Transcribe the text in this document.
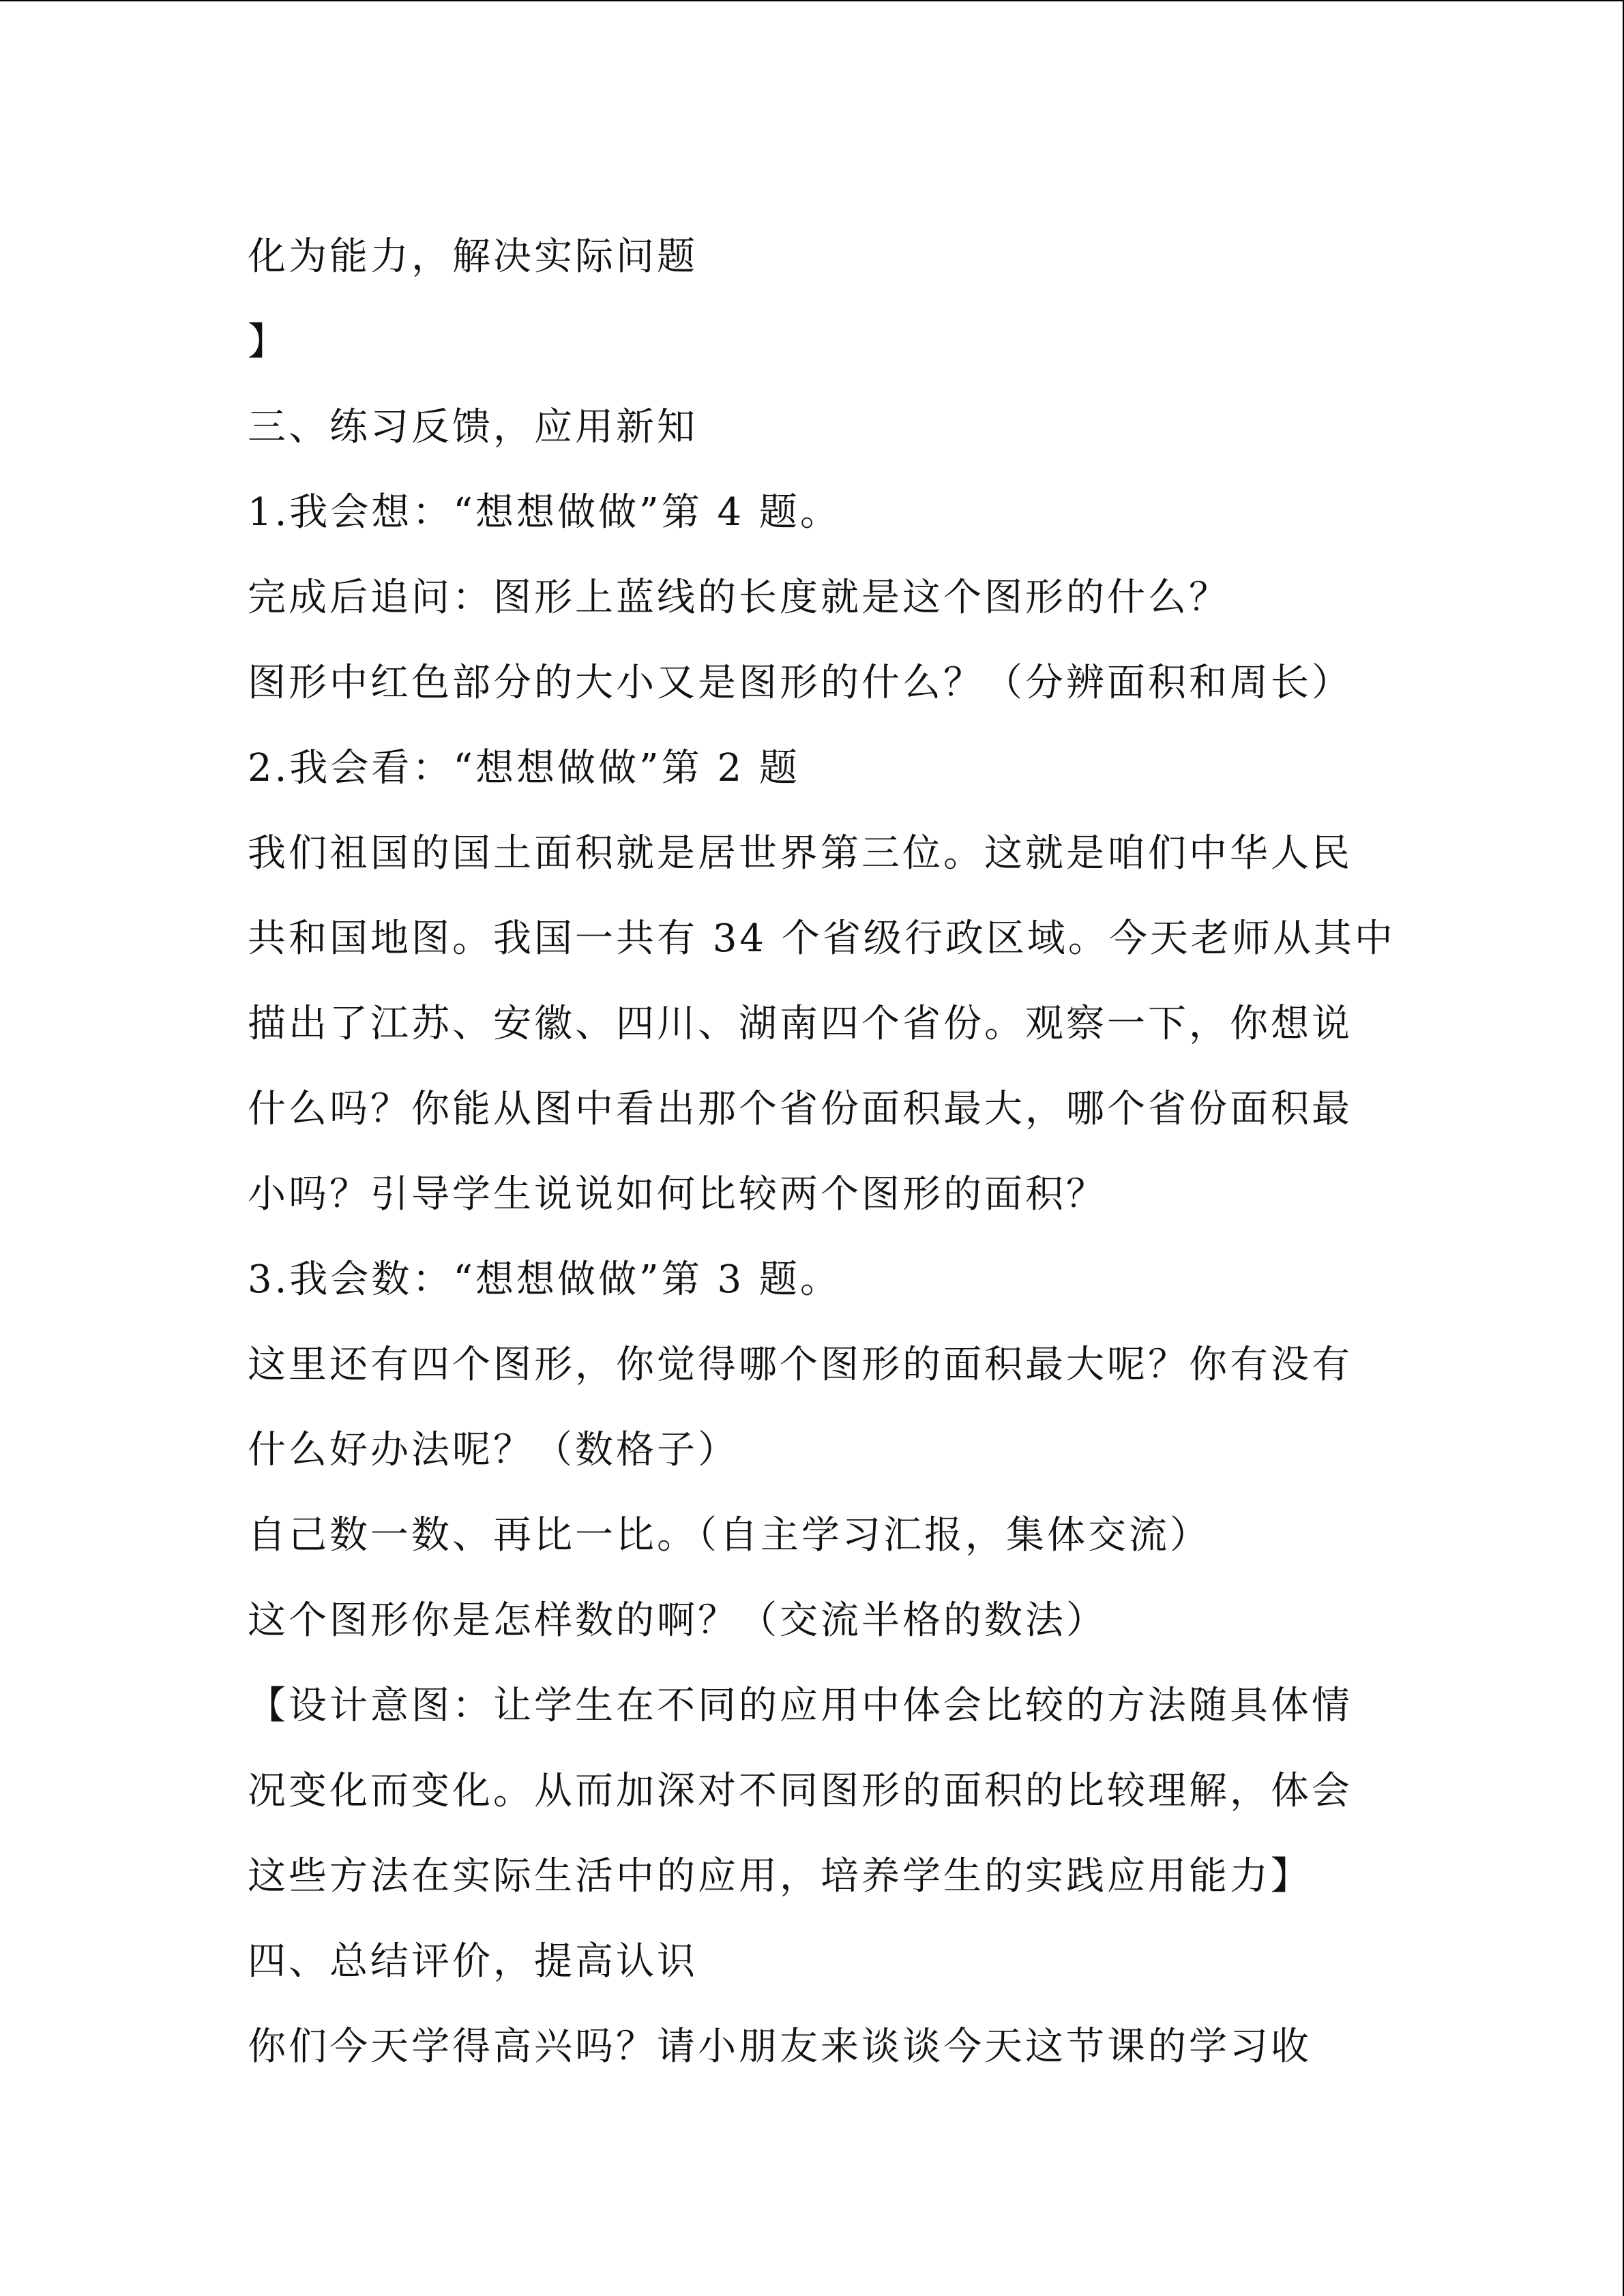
化为能力，解决实际问题
】
三、练习反馈，应用新知
1.我会想：“想想做做”第 4 题。
完成后追问：图形上蓝线的长度就是这个图形的什么？
图形中红色部分的大小又是图形的什么？（分辨面积和周长）
2.我会看：“想想做做”第 2 题
我们祖国的国土面积就是居世界第三位。这就是咱们中华人民
共和国地图。我国一共有 34 个省级行政区域。今天老师从其中
描出了江苏、安徽、四川、湖南四个省份。观察一下，你想说
什么吗？你能从图中看出那个省份面积最大，哪个省份面积最
小吗？引导学生说说如何比较两个图形的面积？
3.我会数：“想想做做”第 3 题。
这里还有四个图形，你觉得哪个图形的面积最大呢？你有没有
什么好办法呢？（数格子）
自己数一数、再比一比。（自主学习汇报，集体交流）
这个图形你是怎样数的啊？（交流半格的数法）
【设计意图：让学生在不同的应用中体会比较的方法随具体情
况变化而变化。从而加深对不同图形的面积的比较理解，体会
这些方法在实际生活中的应用，培养学生的实践应用能力】
四、总结评价，提高认识
你们今天学得高兴吗？请小朋友来谈谈今天这节课的学习收
